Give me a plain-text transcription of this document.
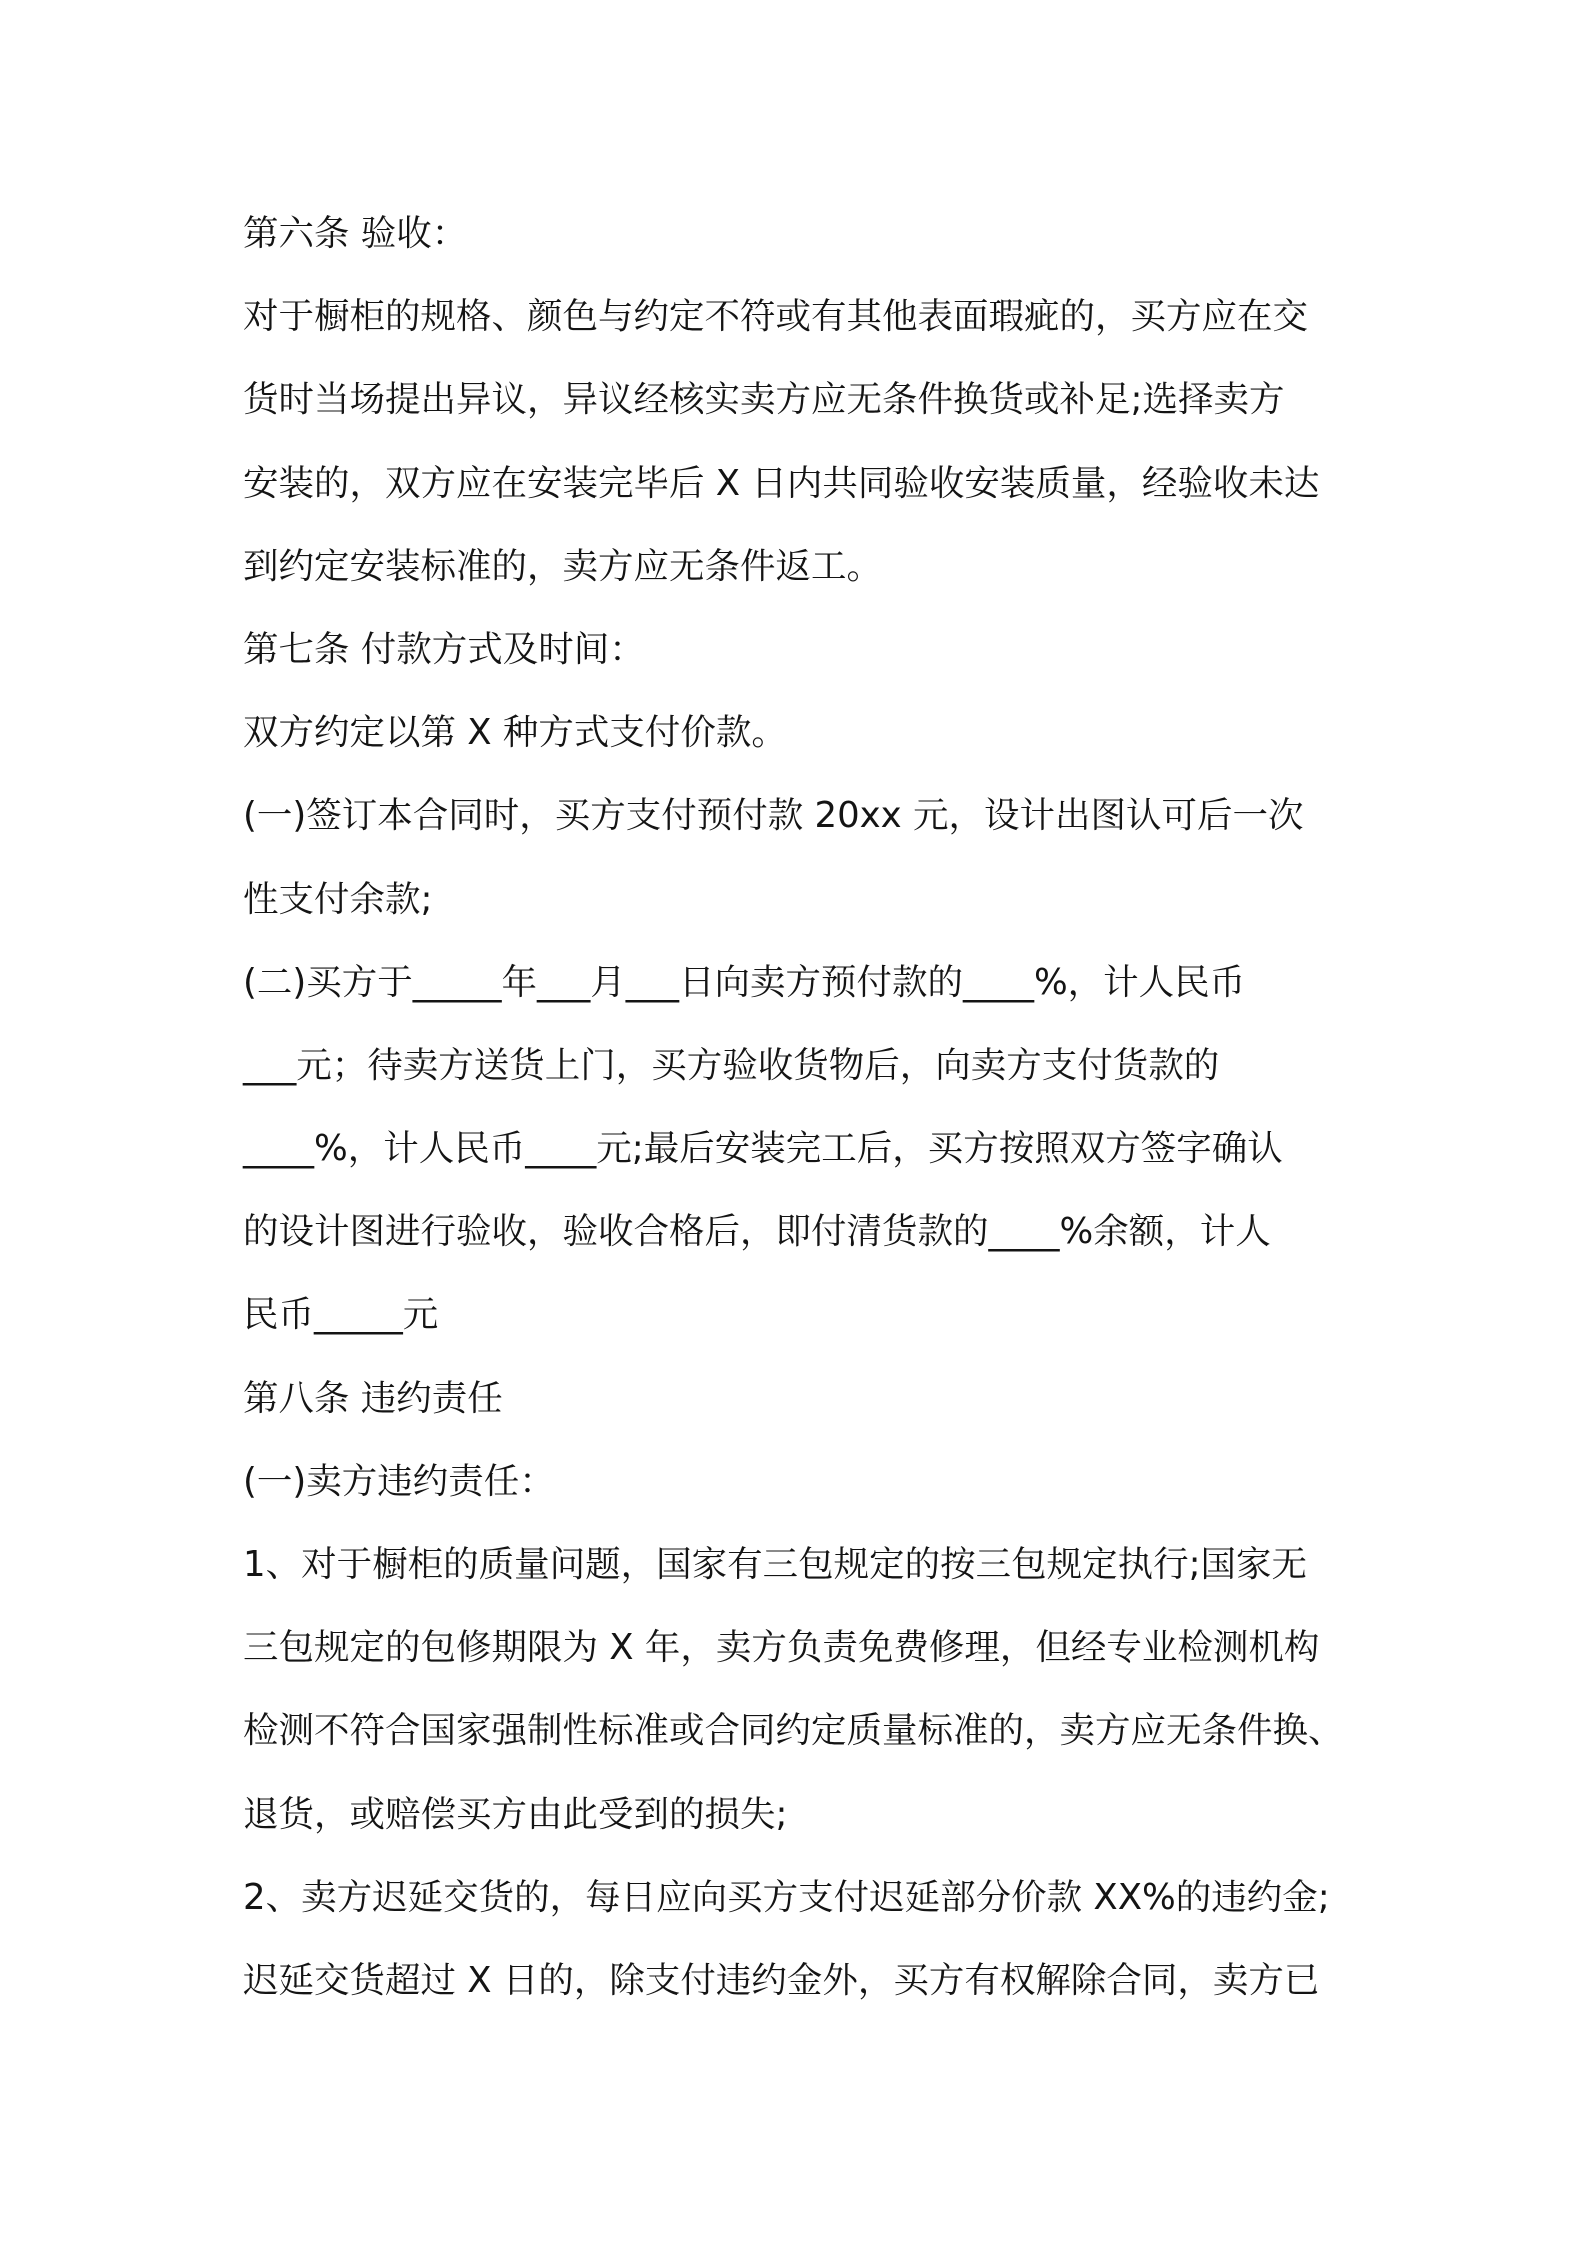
第六条 验收：
对于橱柜的规格、颜色与约定不符或有其他表面瑕疵的，买方应在交
货时当场提出异议，异议经核实卖方应无条件换货或补足;选择卖方
安装的，双方应在安装完毕后 X 日内共同验收安装质量，经验收未达
到约定安装标准的，卖方应无条件返工。
第七条 付款方式及时间：
双方约定以第 X 种方式支付价款。
(一)签订本合同时，买方支付预付款 20xx 元，设计出图认可后一次
性支付余款;
(二)买方于_____年___月___日向卖方预付款的____%，计人民币
___元；待卖方送货上门，买方验收货物后，向卖方支付货款的
____%，计人民币____元;最后安装完工后，买方按照双方签字确认
的设计图进行验收，验收合格后，即付清货款的____%余额，计人
民币_____元
第八条 违约责任
(一)卖方违约责任：
1、对于橱柜的质量问题，国家有三包规定的按三包规定执行;国家无
三包规定的包修期限为 X 年，卖方负责免费修理，但经专业检测机构
检测不符合国家强制性标准或合同约定质量标准的，卖方应无条件换、
退货，或赔偿买方由此受到的损失;
2、卖方迟延交货的，每日应向买方支付迟延部分价款 XX%的违约金;
迟延交货超过 X 日的，除支付违约金外，买方有权解除合同，卖方已
